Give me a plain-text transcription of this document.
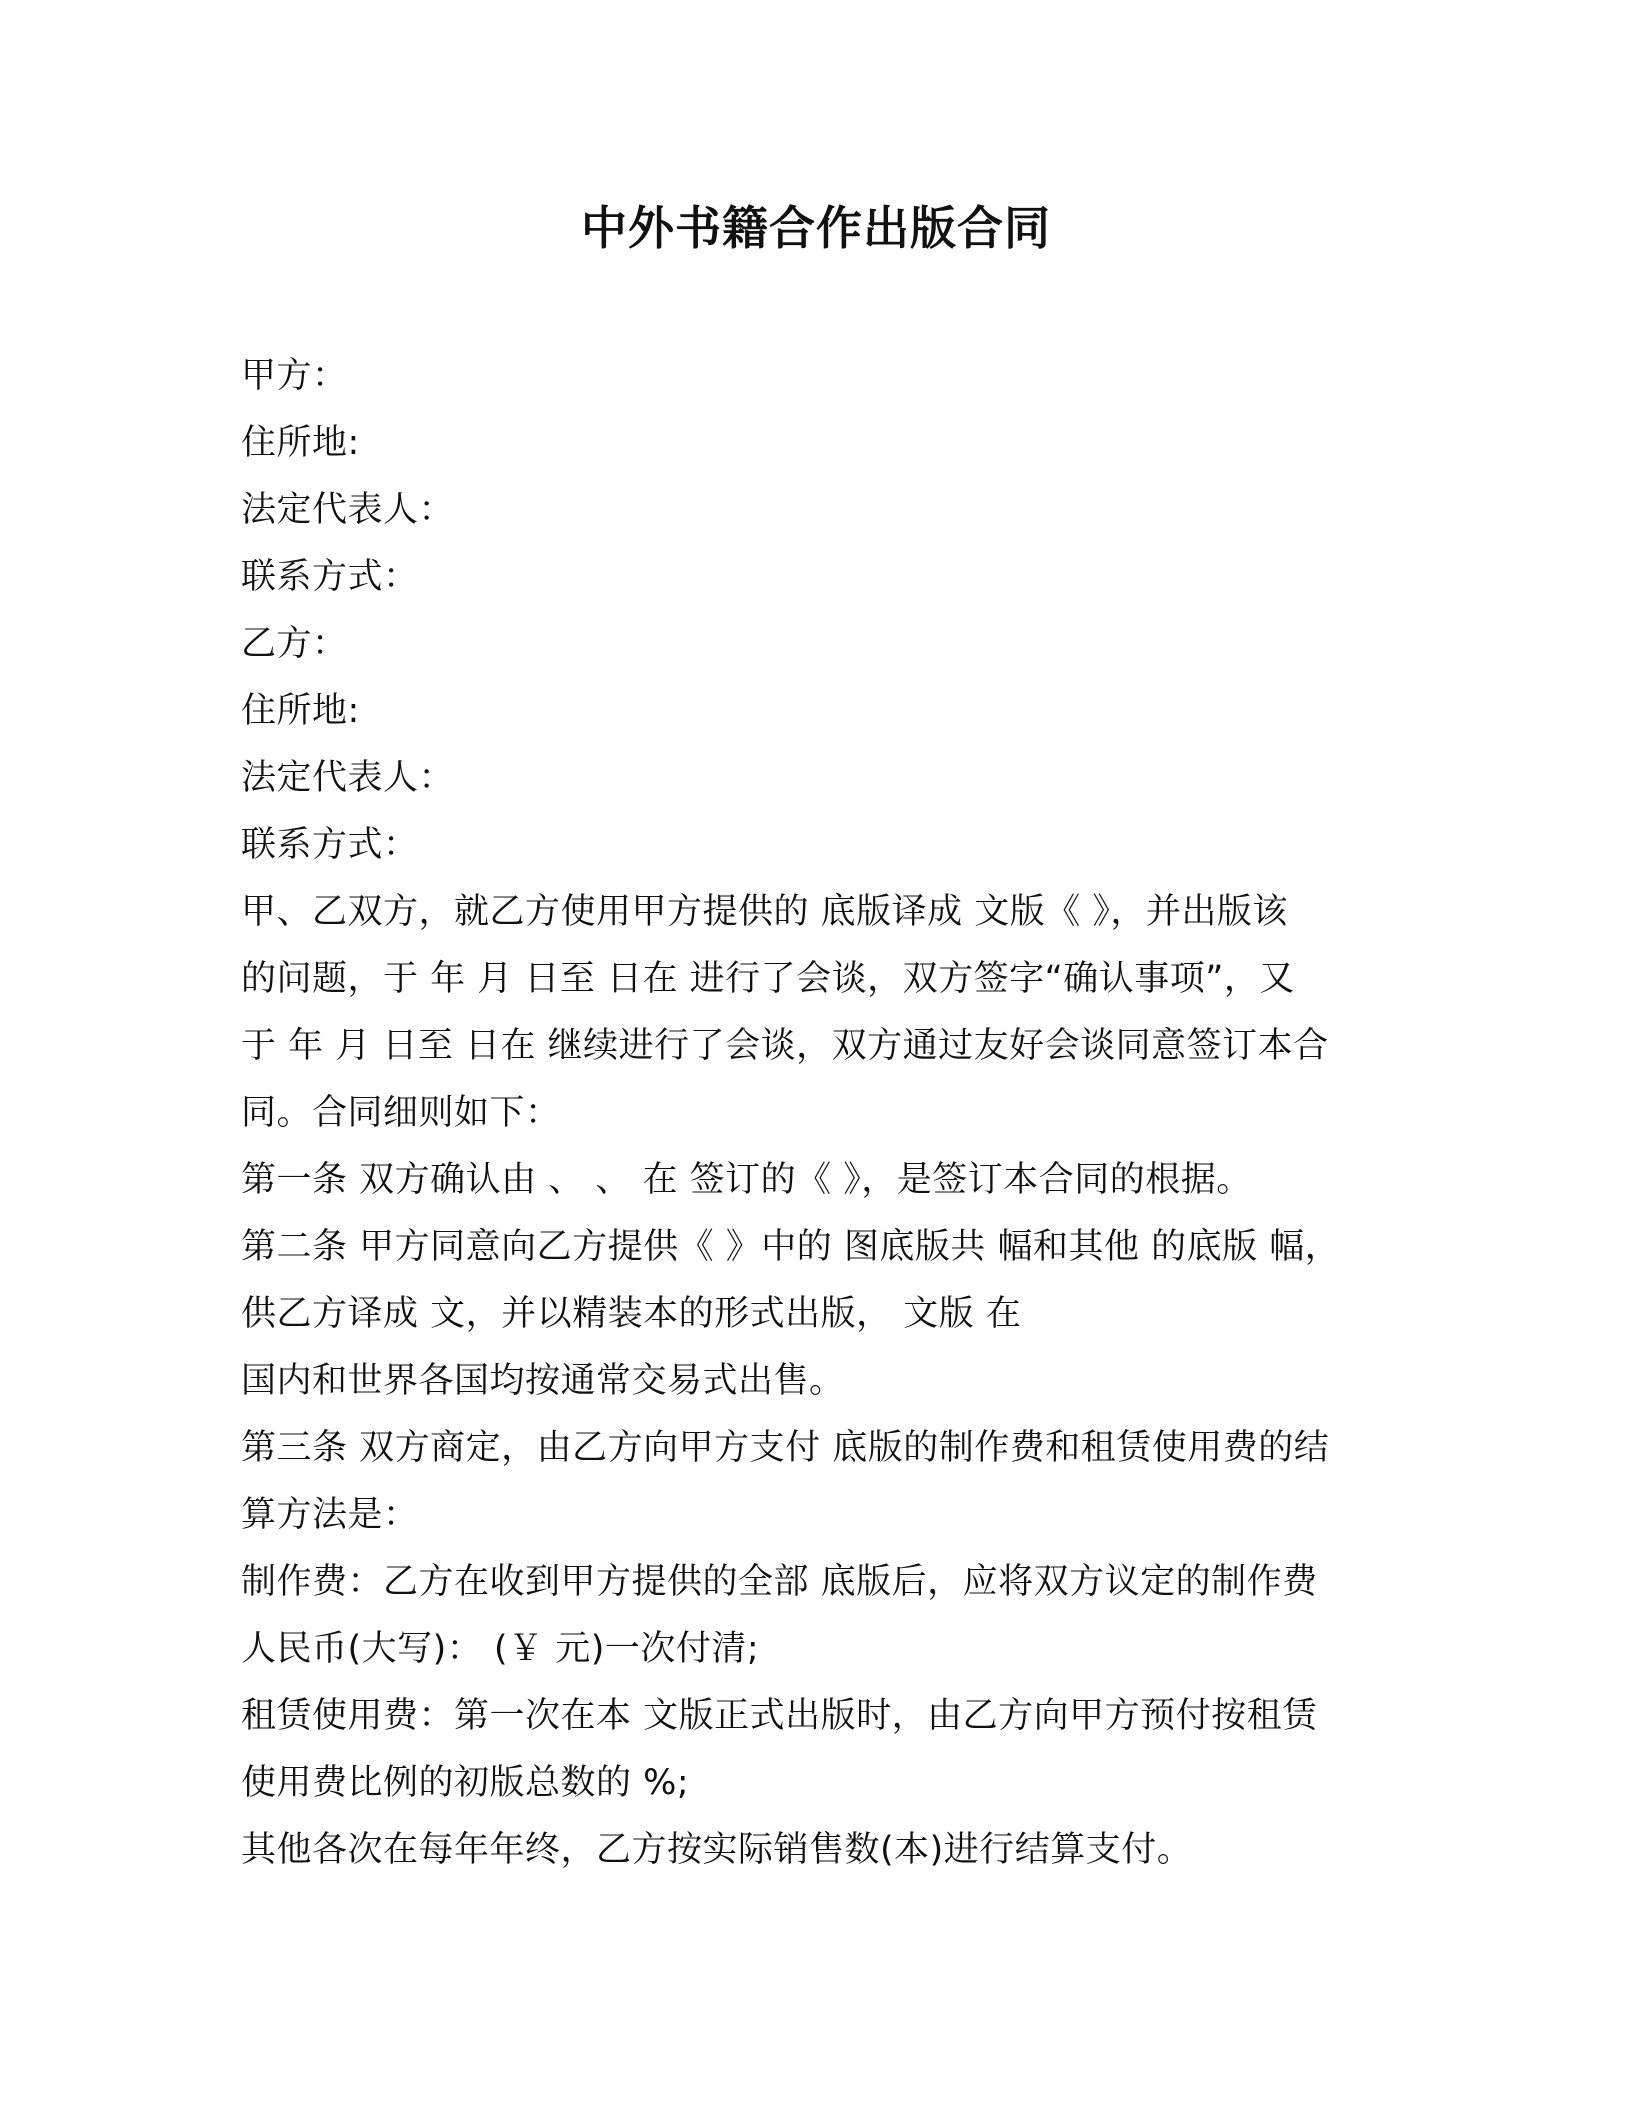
中外书籍合作出版合同
甲方：
住所地:
法定代表人：
联系方式：
乙方：
住所地:
法定代表人：
联系方式：
甲、乙双方，就乙方使用甲方提供的 底版译成 文版《 》，并出版该
的问题，于 年 月 日至 日在 进行了会谈，双方签字“确认事项”，又
于 年 月 日至 日在 继续进行了会谈，双方通过友好会谈同意签订本合
同。合同细则如下：
第一条 双方确认由 、 、 在 签订的《 》，是签订本合同的根据。
第二条 甲方同意向乙方提供《 》中的 图底版共 幅和其他 的底版 幅，
供乙方译成 文，并以精装本的形式出版， 文版 在
国内和世界各国均按通常交易式出售。
第三条 双方商定，由乙方向甲方支付 底版的制作费和租赁使用费的结
算方法是：
制作费：乙方在收到甲方提供的全部 底版后，应将双方议定的制作费
人民币(大写)： (￥ 元)一次付清;
租赁使用费：第一次在本 文版正式出版时，由乙方向甲方预付按租赁
使用费比例的初版总数的 %;
其他各次在每年年终，乙方按实际销售数(本)进行结算支付。
